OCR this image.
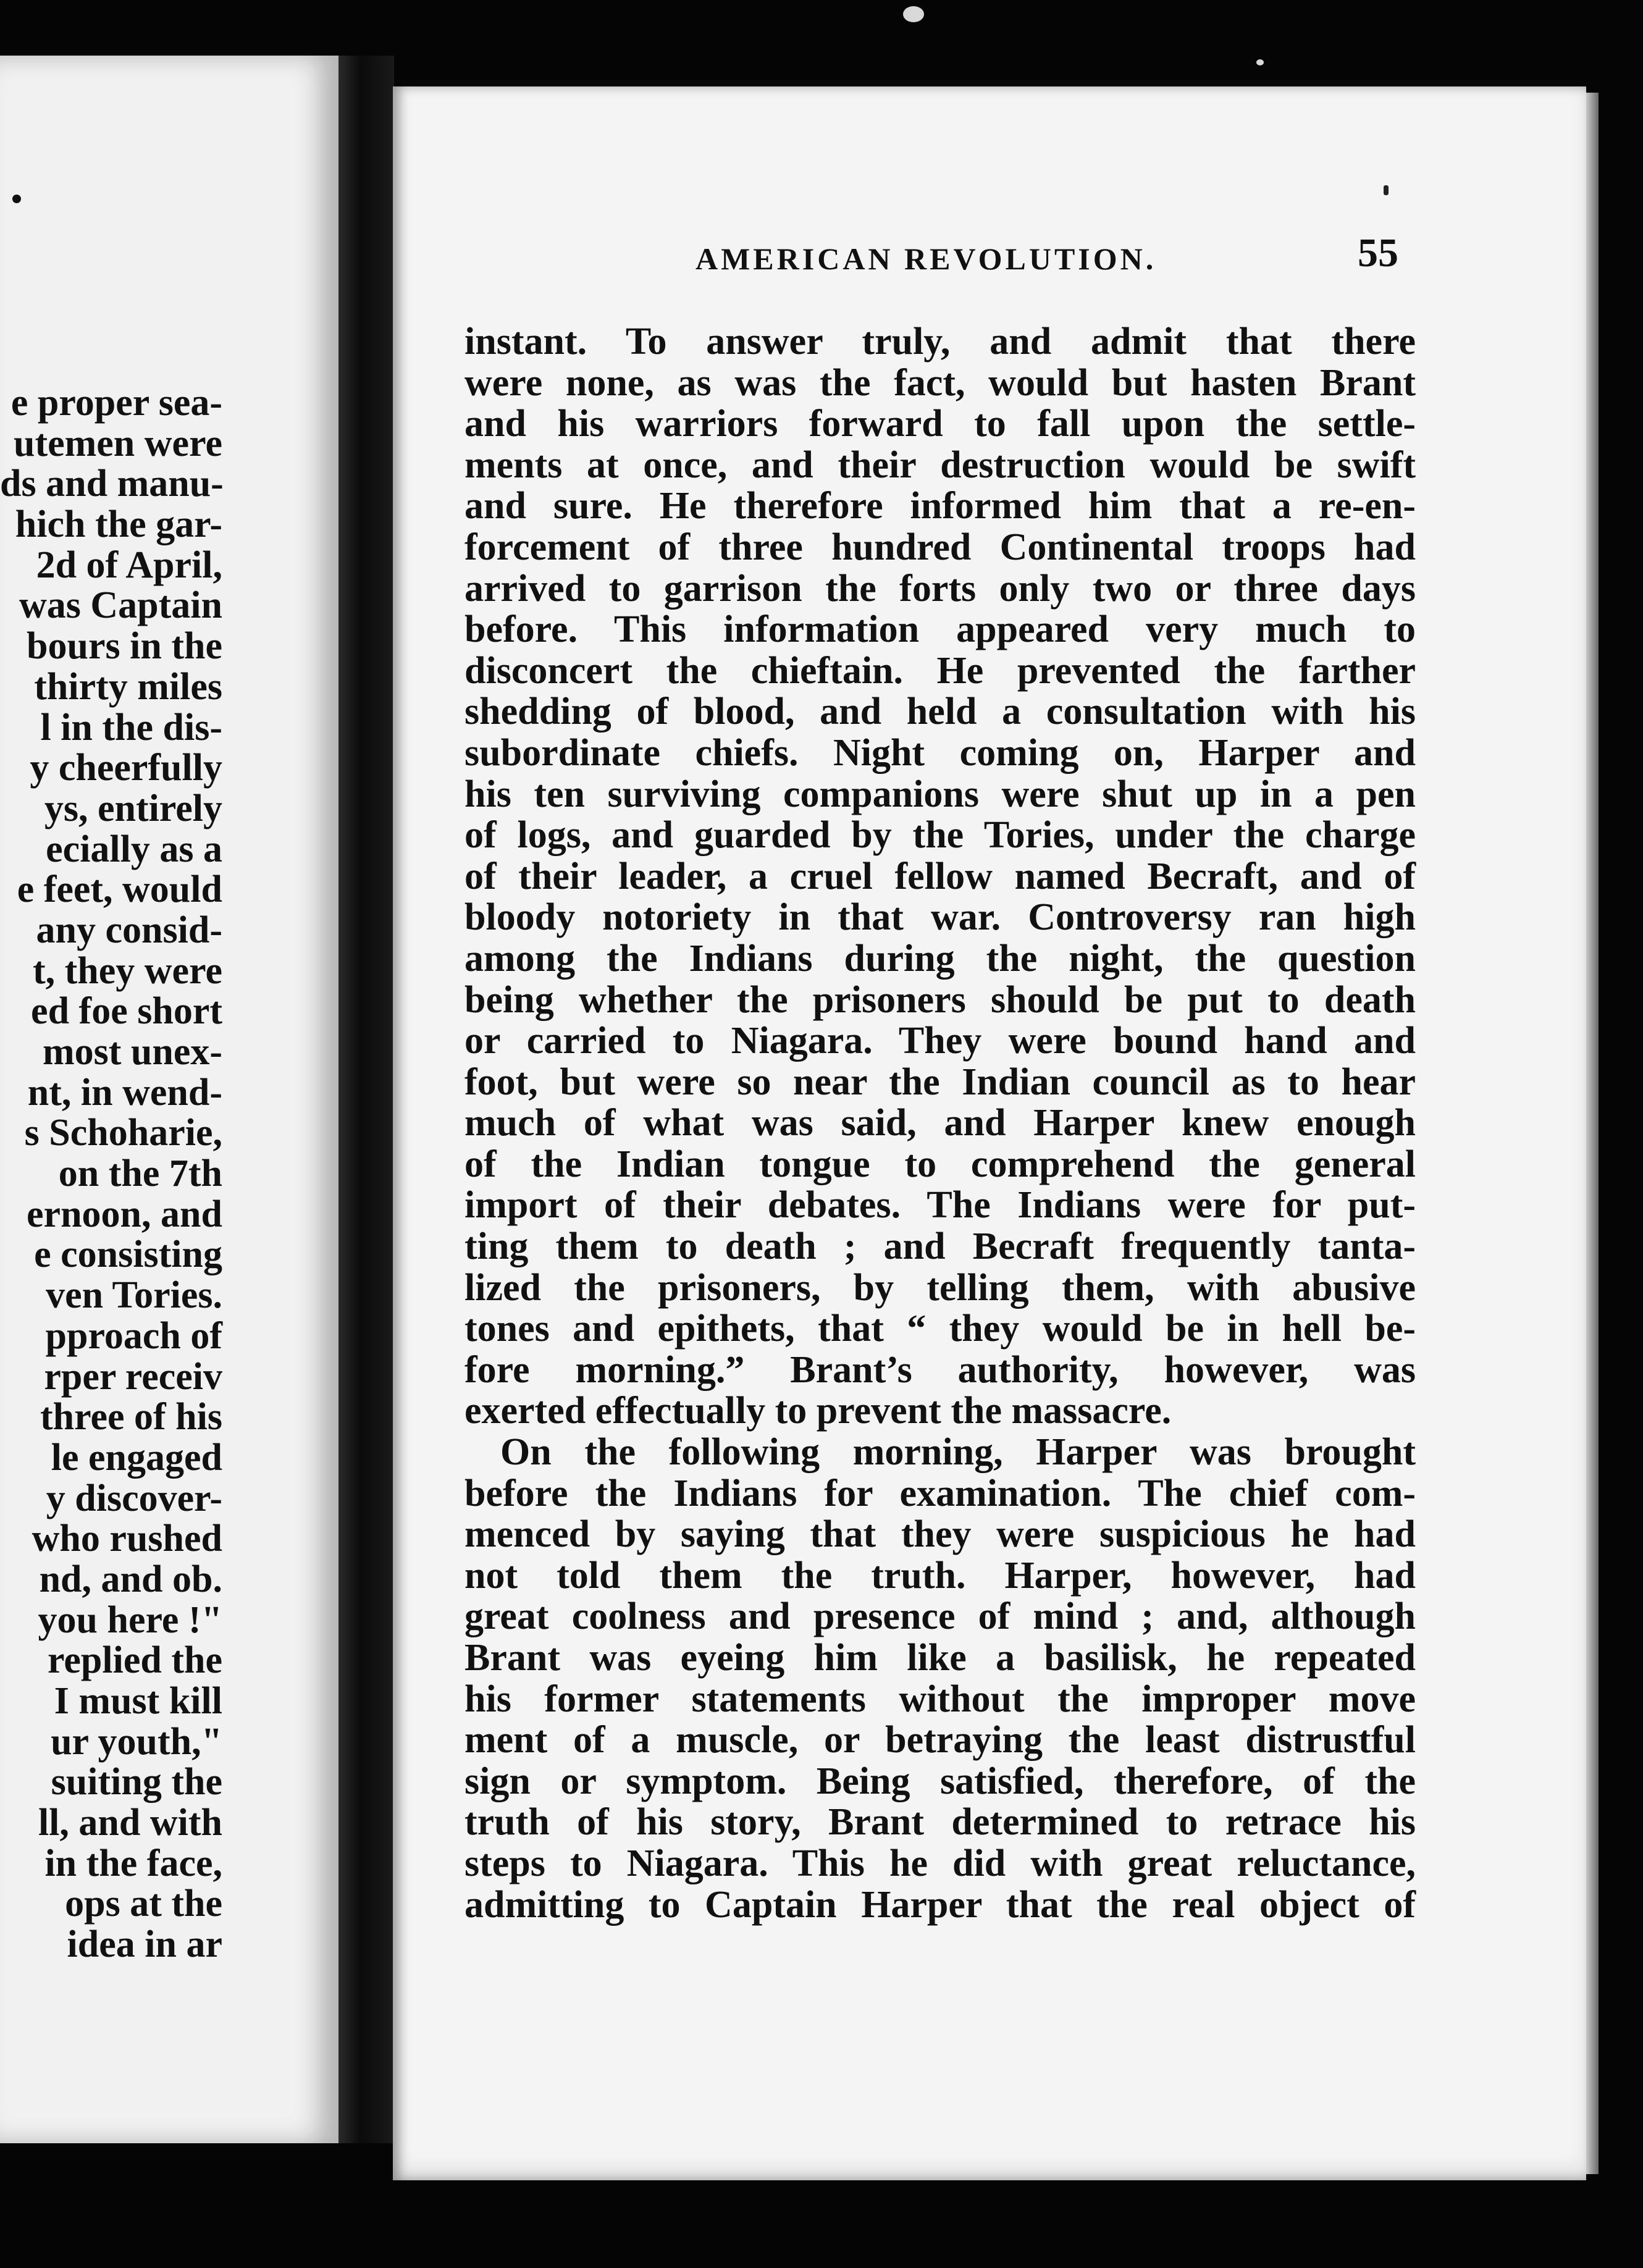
e proper sea-
utemen were
ds and manu-
hich the gar-
2d of April,
was Captain
bours in the
thirty miles
l in the dis-
y cheerfully
ys, entirely
ecially as a
e feet, would
any consid-
t, they were
ed foe short
most unex-
nt, in wend-
s Schoharie,
on the 7th
ernoon, and
e consisting
ven Tories.
pproach of
rper receiv
three of his
le engaged
y discover-
who rushed
nd, and ob.
you here !"
replied the
I must kill
ur youth,"
suiting the
ll, and with
in the face,
ops at the
idea in ar
AMERICAN REVOLUTION.	55
instant. To answer truly, and admit that there
were none, as was the fact, would but hasten Brant
and his warriors forward to fall upon the settle-
ments at once, and their destruction would be swift
and sure. He therefore informed him that a re-en-
forcement of three hundred Continental troops had
arrived to garrison the forts only two or three days
before. This information appeared very much to
disconcert the chieftain. He prevented the farther
shedding of blood, and held a consultation with his
subordinate chiefs. Night coming on, Harper and
his ten surviving companions were shut up in a pen
of logs, and guarded by the Tories, under the charge
of their leader, a cruel fellow named Becraft, and of
bloody notoriety in that war. Controversy ran high
among the Indians during the night, the question
being whether the prisoners should be put to death
or carried to Niagara. They were bound hand and
foot, but were so near the Indian council as to hear
much of what was said, and Harper knew enough
of the Indian tongue to comprehend the general
import of their debates. The Indians were for put-
ting them to death ; and Becraft frequently tanta-
lized the prisoners, by telling them, with abusive
tones and epithets, that “ they would be in hell be-
fore morning.” Brant’s authority, however, was
exerted effectually to prevent the massacre.
On the following morning, Harper was brought
before the Indians for examination. The chief com-
menced by saying that they were suspicious he had
not told them the truth. Harper, however, had
great coolness and presence of mind ; and, although
Brant was eyeing him like a basilisk, he repeated
his former statements without the improper move
ment of a muscle, or betraying the least distrustful
sign or symptom. Being satisfied, therefore, of the
truth of his story, Brant determined to retrace his
steps to Niagara. This he did with great reluctance,
admitting to Captain Harper that the real object of
